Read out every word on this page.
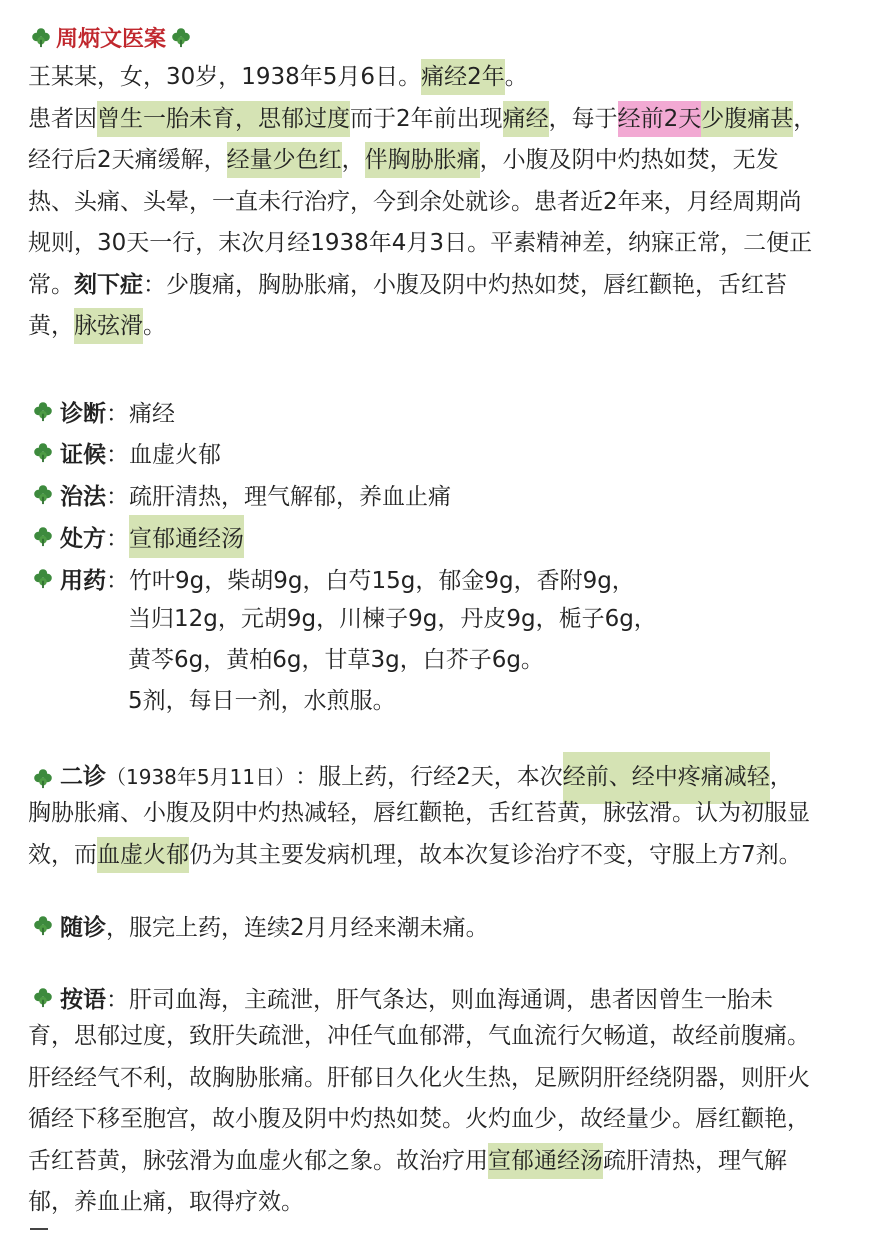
周炳文医案
王某某，女，30岁，1938年5月6日。痛经2年。
患者因曾生一胎未育，思郁过度而于2年前出现痛经，每于经前2天少腹痛甚，
经行后2天痛缓解，经量少色红，伴胸胁胀痛，小腹及阴中灼热如焚，无发
热、头痛、头晕，一直未行治疗，今到余处就诊。患者近2年来，月经周期尚
规则，30天一行，末次月经1938年4月3日。平素精神差，纳寐正常，二便正
常。刻下症：少腹痛，胸胁胀痛，小腹及阴中灼热如焚，唇红颧艳，舌红苔
黄，脉弦滑。
诊断 ：痛经
证候 ：血虚火郁
治法 ：疏肝清热，理气解郁，养血止痛
处方 ： 宣郁通经汤
用药 ：竹叶9g，柴胡9g，白芍15g，郁金9g，香附9g，
当归12g，元胡9g，川楝子9g，丹皮9g，栀子6g，
黄芩6g，黄柏6g，甘草3g，白芥子6g。
5剂，每日一剂，水煎服。
二诊 （1938年5月11日） ：服上药，行经2天，本次 经前、经中疼痛减轻 ，
胸胁胀痛、小腹及阴中灼热减轻，唇红颧艳，舌红苔黄，脉弦滑。认为初服显
效，而血虚火郁仍为其主要发病机理，故本次复诊治疗不变，守服上方7剂。
随诊 ，服完上药，连续2月月经来潮未痛。
按语 ：肝司血海，主疏泄，肝气条达，则血海通调，患者因曾生一胎未
育，思郁过度，致肝失疏泄，冲任气血郁滞，气血流行欠畅道，故经前腹痛。
肝经经气不利，故胸胁胀痛。肝郁日久化火生热，足厥阴肝经绕阴器，则肝火
循经下移至胞宫，故小腹及阴中灼热如焚。火灼血少，故经量少。唇红颧艳，
舌红苔黄，脉弦滑为血虚火郁之象。故治疗用宣郁通经汤疏肝清热，理气解
郁，养血止痛，取得疗效。
